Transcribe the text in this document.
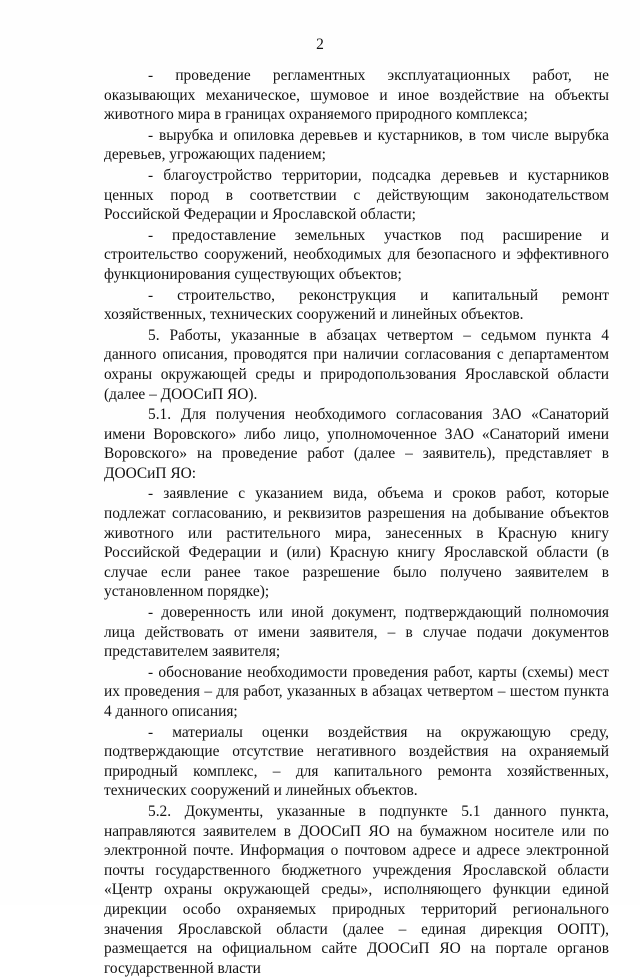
2

- проведение регламентных эксплуатационных работ, не оказывающих механическое, шумовое и иное воздействие на объекты животного мира в границах охраняемого природного комплекса;

- вырубка и опиловка деревьев и кустарников, в том числе вырубка деревьев, угрожающих падением;

- благоустройство территории, подсадка деревьев и кустарников ценных пород в соответствии с действующим законодательством Российской Федерации и Ярославской области;

- предоставление земельных участков под расширение и строительство сооружений, необходимых для безопасного и эффективного функционирования существующих объектов;

- строительство, реконструкция и капитальный ремонт хозяйственных, технических сооружений и линейных объектов.

5. Работы, указанные в абзацах четвертом – седьмом пункта 4 данного описания, проводятся при наличии согласования с департаментом охраны окружающей среды и природопользования Ярославской области (далее – ДООСиП ЯО).

5.1. Для получения необходимого согласования ЗАО «Санаторий имени Воровского» либо лицо, уполномоченное ЗАО «Санаторий имени Воровского» на проведение работ (далее – заявитель), представляет в ДООСиП ЯО:

- заявление с указанием вида, объема и сроков работ, которые подлежат согласованию, и реквизитов разрешения на добывание объектов животного или растительного мира, занесенных в Красную книгу Российской Федерации и (или) Красную книгу Ярославской области (в случае если ранее такое разрешение было получено заявителем в установленном порядке);

- доверенность или иной документ, подтверждающий полномочия лица действовать от имени заявителя, – в случае подачи документов представителем заявителя;

- обоснование необходимости проведения работ, карты (схемы) мест их проведения – для работ, указанных в абзацах четвертом – шестом пункта 4 данного описания;

- материалы оценки воздействия на окружающую среду, подтверждающие отсутствие негативного воздействия на охраняемый природный комплекс, – для капитального ремонта хозяйственных, технических сооружений и линейных объектов.

5.2. Документы, указанные в подпункте 5.1 данного пункта, направляются заявителем в ДООСиП ЯО на бумажном носителе или по электронной почте. Информация о почтовом адресе и адресе электронной почты государственного бюджетного учреждения Ярославской области «Центр охраны окружающей среды», исполняющего функции единой дирекции особо охраняемых природных территорий регионального значения Ярославской области (далее – единая дирекция ООПТ), размещается на официальном сайте ДООСиП ЯО на портале органов государственной власти
